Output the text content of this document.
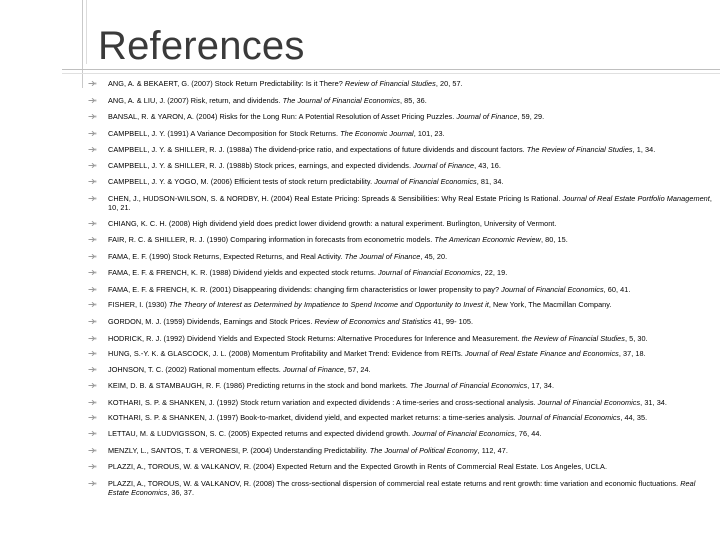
References
ANG, A. & BEKAERT, G. (2007) Stock Return Predictability: Is it There? Review of Financial Studies, 20, 57.
ANG, A. & LIU, J. (2007) Risk, return, and dividends. The Journal of Financial Economics, 85, 36.
BANSAL, R. & YARON, A. (2004) Risks for the Long Run: A Potential Resolution of Asset Pricing Puzzles. Journal of Finance, 59, 29.
CAMPBELL, J. Y. (1991) A Variance Decomposition for Stock Returns. The Economic Journal, 101, 23.
CAMPBELL, J. Y. & SHILLER, R. J. (1988a) The dividend-price ratio, and expectations of future dividends and discount factors. The Review of Financial Studies, 1, 34.
CAMPBELL, J. Y. & SHILLER, R. J. (1988b) Stock prices, earnings, and expected dividends. Journal of Finance, 43, 16.
CAMPBELL, J. Y. & YOGO, M. (2006) Efficient tests of stock return predictability. Journal of Financial Economics, 81, 34.
CHEN, J., HUDSON-WILSON, S. & NORDBY, H. (2004) Real Estate Pricing: Spreads & Sensibilities: Why Real Estate Pricing Is Rational. Journal of Real Estate Portfolio Management, 10, 21.
CHIANG, K. C. H. (2008) High dividend yield does predict lower dividend growth: a natural experiment. Burlington, University of Vermont.
FAIR, R. C. & SHILLER, R. J. (1990) Comparing information in forecasts from econometric models. The American Economic Review, 80, 15.
FAMA, E. F. (1990) Stock Returns, Expected Returns, and Real Activity. The Journal of Finance, 45, 20.
FAMA, E. F. & FRENCH, K. R. (1988) Dividend yields and expected stock returns. Journal of Financial Economics, 22, 19.
FAMA, E. F. & FRENCH, K. R. (2001) Disappearing dividends: changing firm characteristics or lower propensity to pay? Journal of Financial Economics, 60, 41.
FISHER, I. (1930) The Theory of Interest as Determined by Impatience to Spend Income and Opportunity to Invest it, New York, The Macmillan Company.
GORDON, M. J. (1959) Dividends, Earnings and Stock Prices. Review of Economics and Statistics 41, 99- 105.
HODRICK, R. J. (1992) Dividend Yields and Expected Stock Returns: Alternative Procedures for Inference and Measurement. the Review of Financial Studies, 5, 30.
HUNG, S.-Y. K. & GLASCOCK, J. L. (2008) Momentum Profitability and Market Trend: Evidence from REITs. Journal of Real Estate Finance and Economics, 37, 18.
JOHNSON, T. C. (2002) Rational momentum effects. Journal of Finance, 57, 24.
KEIM, D. B. & STAMBAUGH, R. F. (1986) Predicting returns in the stock and bond markets. The Journal of Financial Economics, 17, 34.
KOTHARI, S. P. & SHANKEN, J. (1992) Stock return variation and expected dividends : A time-series and cross-sectional analysis. Journal of Financial Economics, 31, 34.
KOTHARI, S. P. & SHANKEN, J. (1997) Book-to-market, dividend yield, and expected market returns: a time-series analysis. Journal of Financial Economics, 44, 35.
LETTAU, M. & LUDVIGSSON, S. C. (2005) Expected returns and expected dividend growth. Journal of Financial Economics, 76, 44.
MENZLY, L., SANTOS, T. & VERONESI, P. (2004) Understanding Predictability. The Journal of Political Economy, 112, 47.
PLAZZI, A., TOROUS, W. & VALKANOV, R. (2004) Expected Return and the Expected Growth in Rents of Commercial Real Estate. Los Angeles, UCLA.
PLAZZI, A., TOROUS, W. & VALKANOV, R. (2008) The cross-sectional dispersion of commercial real estate returns and rent growth: time variation and economic fluctuations. Real Estate Economics, 36, 37.
